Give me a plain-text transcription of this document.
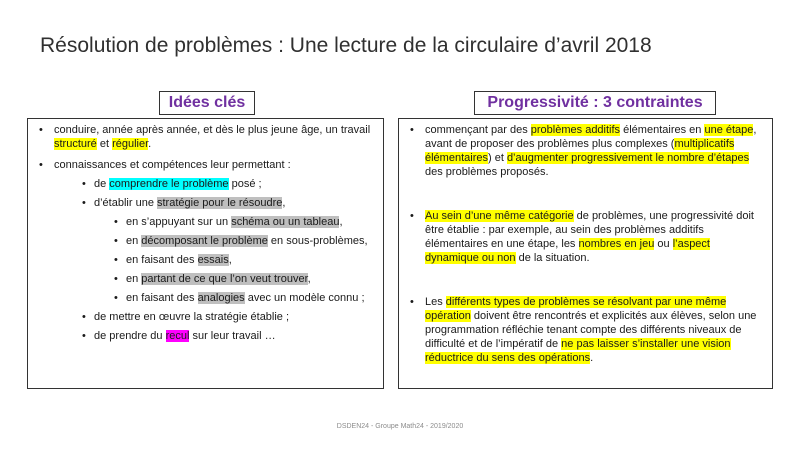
Résolution de problèmes : Une lecture de la circulaire d’avril 2018
Idées clés	Progressivité : 3 contraintes
• conduire, année après année, et dès le plus jeune âge, un travail structuré et régulier.
• connaissances et compétences leur permettant :
• de comprendre le problème posé ;
• d’établir une stratégie pour le résoudre,
• en s’appuyant sur un schéma ou un tableau,
• en décomposant le problème en sous-problèmes,
• en faisant des essais,
• en partant de ce que l’on veut trouver,
• en faisant des analogies avec un modèle connu ;
• de mettre en œuvre la stratégie établie ;
• de prendre du recul sur leur travail …
• commençant par des problèmes additifs élémentaires en une étape, avant de proposer des problèmes plus complexes (multiplicatifs élémentaires) et d’augmenter progressivement le nombre d’étapes des problèmes proposés.
• Au sein d’une même catégorie de problèmes, une progressivité doit être établie : par exemple, au sein des problèmes additifs élémentaires en une étape, les nombres en jeu ou l’aspect dynamique ou non de la situation.
• Les différents types de problèmes se résolvant par une même opération doivent être rencontrés et explicités aux élèves, selon une programmation réfléchie tenant compte des différents niveaux de difficulté et de l’impératif de ne pas laisser s’installer une vision réductrice du sens des opérations.
DSDEN24 - Groupe Math24 - 2019/2020
